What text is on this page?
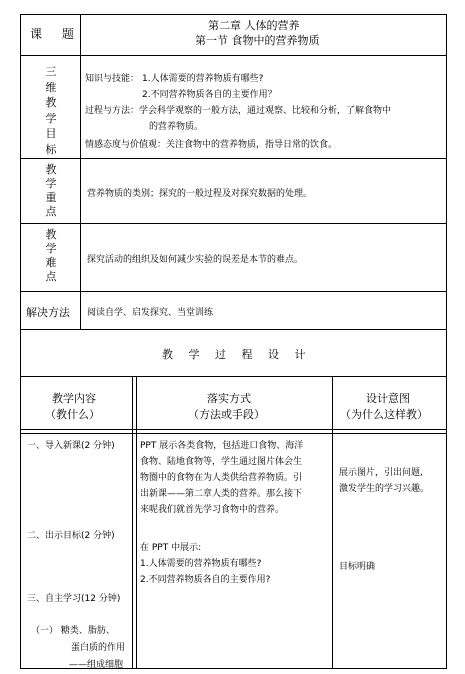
课 题
第二章 人体的营养
第一节 食物中的营养物质
三维教学目标
知识与技能： 1.人体需要的营养物质有哪些?
2.不同营养物质各自的主要作用？
过程与方法：学会科学观察的一般方法，通过观察、比较和分析，了解食物中
的营养物质。
情感态度与价值观：关注食物中的营养物质，指导日常的饮食。
教学重点
营养物质的类别；探究的一般过程及对探究数据的处理。
教学难点
探究活动的组织及如何减少实验的误差是本节的难点。
解决方法 阅读自学、启发探究、当堂训练
教 学 过 程 设 计
教学内容
（教什么）
落实方式
（方法或手段）
设计意图
（为什么这样教）
一、导入新课(2 分钟)
二、出示目标(2 分钟)
三、自主学习(12 分钟)
（一） 糖类、脂肪、
蛋白质的作用
——组成细胞
PPT 展示各类食物，包括进口食物、海洋
食物、陆地食物等，学生通过图片体会生
物圈中的食物在为人类供给营养物质。引
出新课——第二章人类的营养。那么接下
来呢我们就首先学习食物中的营养。
在 PPT 中展示:
1.人体需要的营养物质有哪些?
2.不同营养物质各自的主要作用?
展示图片，引出问题,
激发学生的学习兴趣。
目标明确
